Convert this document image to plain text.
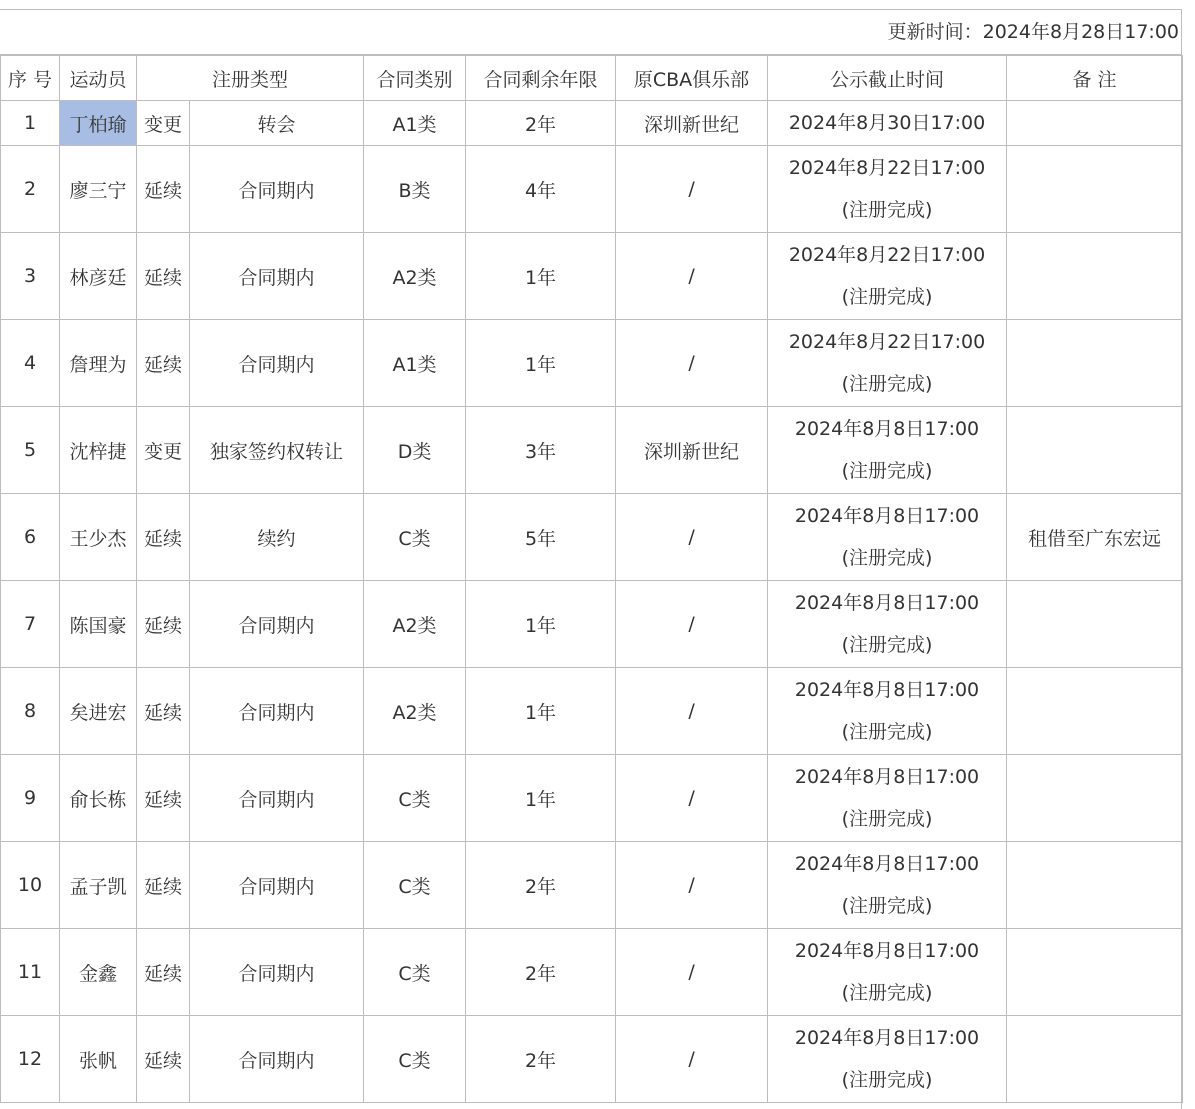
更新时间：2024年8月28日17:00
序 号	运动员	注册类型		合同类别	合同剩余年限	原CBA俱乐部	公示截止时间	备 注
1	丁柏瑜	变更	转会	A1类	2年	深圳新世纪	2024年8月30日17:00	

2	廖三宁	延续	合同期内	B类	4年	/	2024年8月22日17:00
(注册完成)	

3	林彦廷	延续	合同期内	A2类	1年	/	2024年8月22日17:00
(注册完成)	

4	詹理为	延续	合同期内	A1类	1年	/	2024年8月22日17:00
(注册完成)	

5	沈梓捷	变更	独家签约权转让	D类	3年	深圳新世纪	2024年8月8日17:00
(注册完成)	

6	王少杰	延续	续约	C类	5年	/	2024年8月8日17:00
(注册完成)	租借至广东宏远
7	陈国豪	延续	合同期内	A2类	1年	/	2024年8月8日17:00
(注册完成)	

8	矣进宏	延续	合同期内	A2类	1年	/	2024年8月8日17:00
(注册完成)	

9	俞长栋	延续	合同期内	C类	1年	/	2024年8月8日17:00
(注册完成)	

10	孟子凯	延续	合同期内	C类	2年	/	2024年8月8日17:00
(注册完成)	

11	金鑫	延续	合同期内	C类	2年	/	2024年8月8日17:00
(注册完成)	

12	张帆	延续	合同期内	C类	2年	/	2024年8月8日17:00
(注册完成)	
